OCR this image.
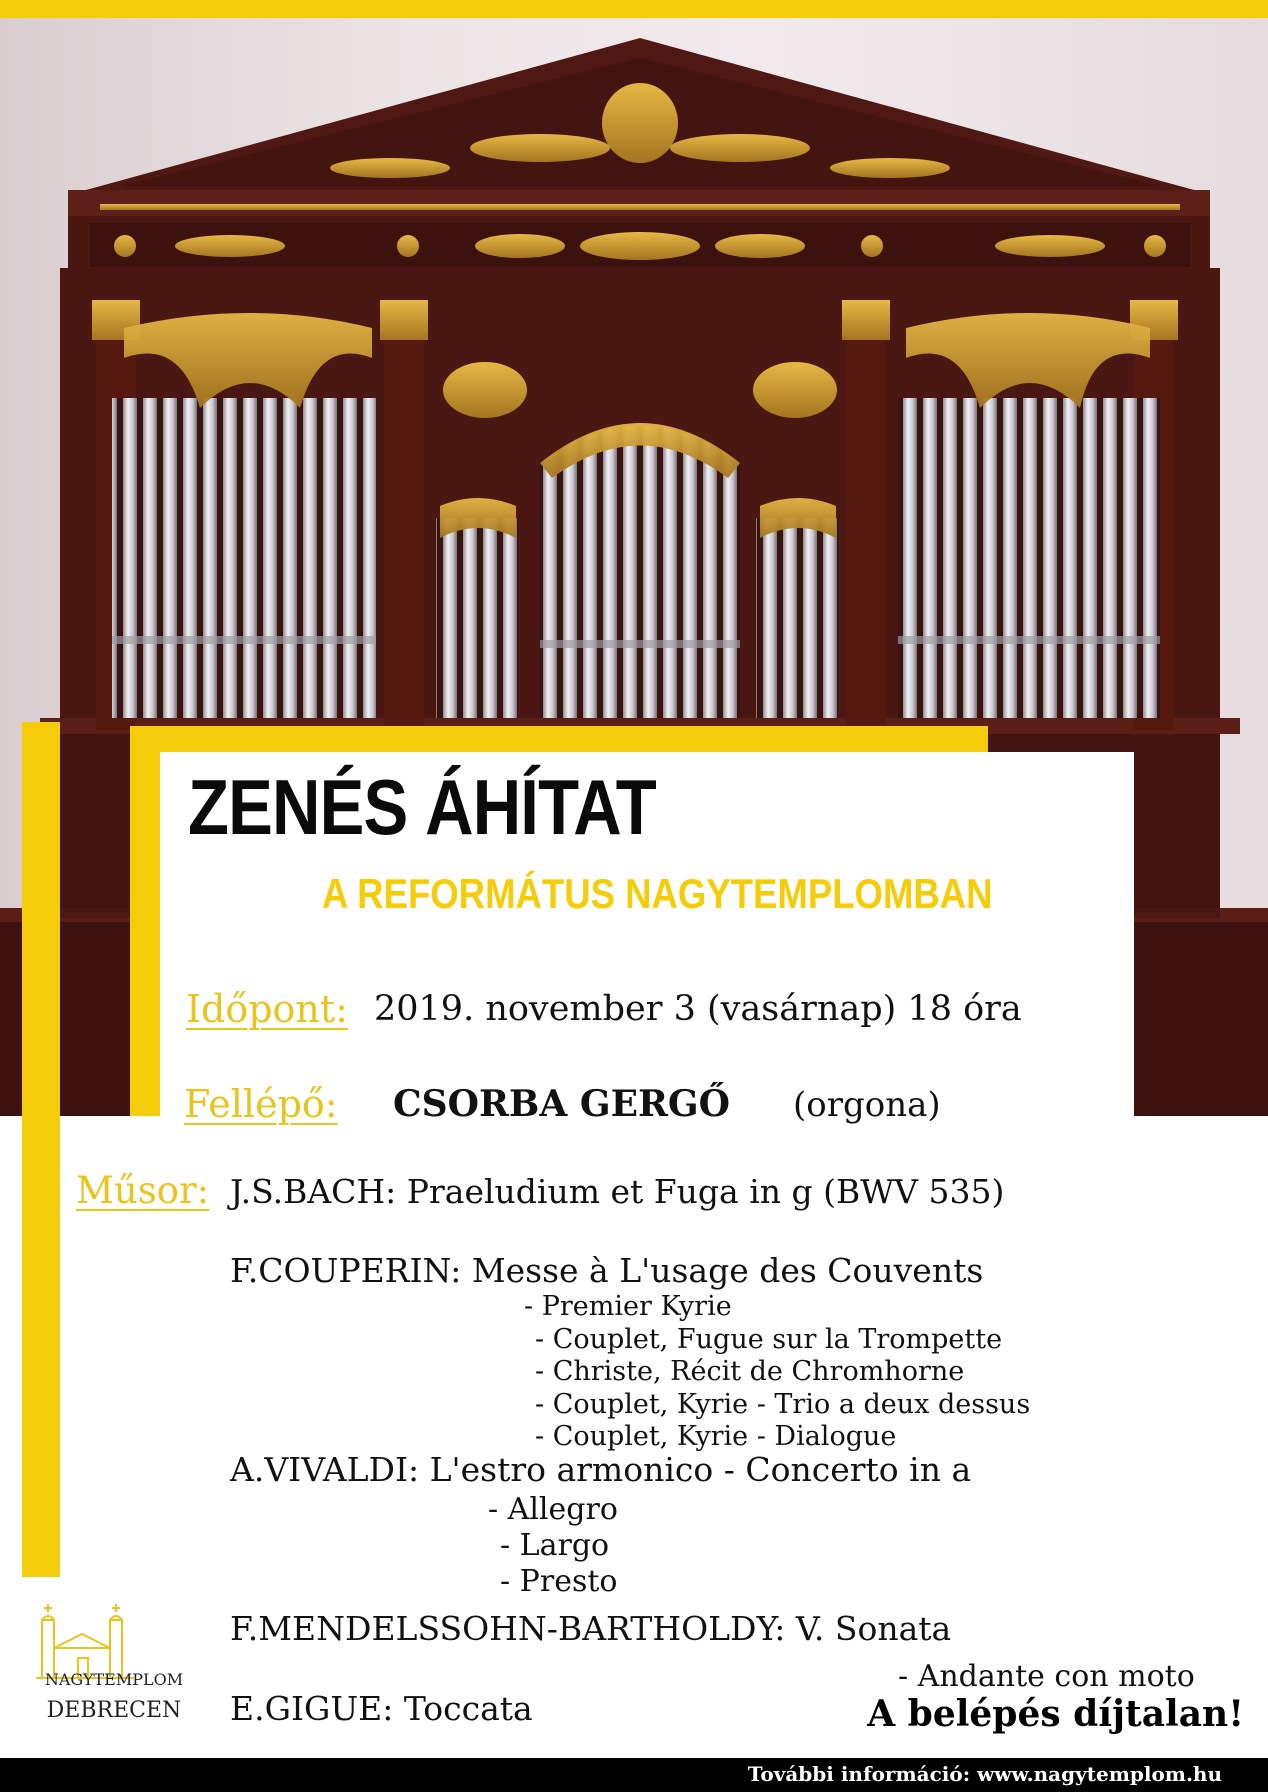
ZENÉS ÁHÍTAT
A REFORMÁTUS NAGYTEMPLOMBAN
Időpont: 2019. november 3 (vasárnap) 18 óra
Fellépő: CSORBA GERGŐ (orgona)
Műsor: J.S.BACH: Praeludium et Fuga in g (BWV 535)
F.COUPERIN: Messe à L'usage des Couvents
- Premier Kyrie
- Couplet, Fugue sur la Trompette
- Christe, Récit de Chromhorne
- Couplet, Kyrie - Trio a deux dessus
- Couplet, Kyrie - Dialogue
A.VIVALDI: L'estro armonico - Concerto in a
- Allegro
- Largo
- Presto
F.MENDELSSOHN-BARTHOLDY: V. Sonata
- Andante con moto
E.GIGUE: Toccata
NAGYTEMPLOM
DEBRECEN	A belépés díjtalan!
További információ: www.nagytemplom.hu
